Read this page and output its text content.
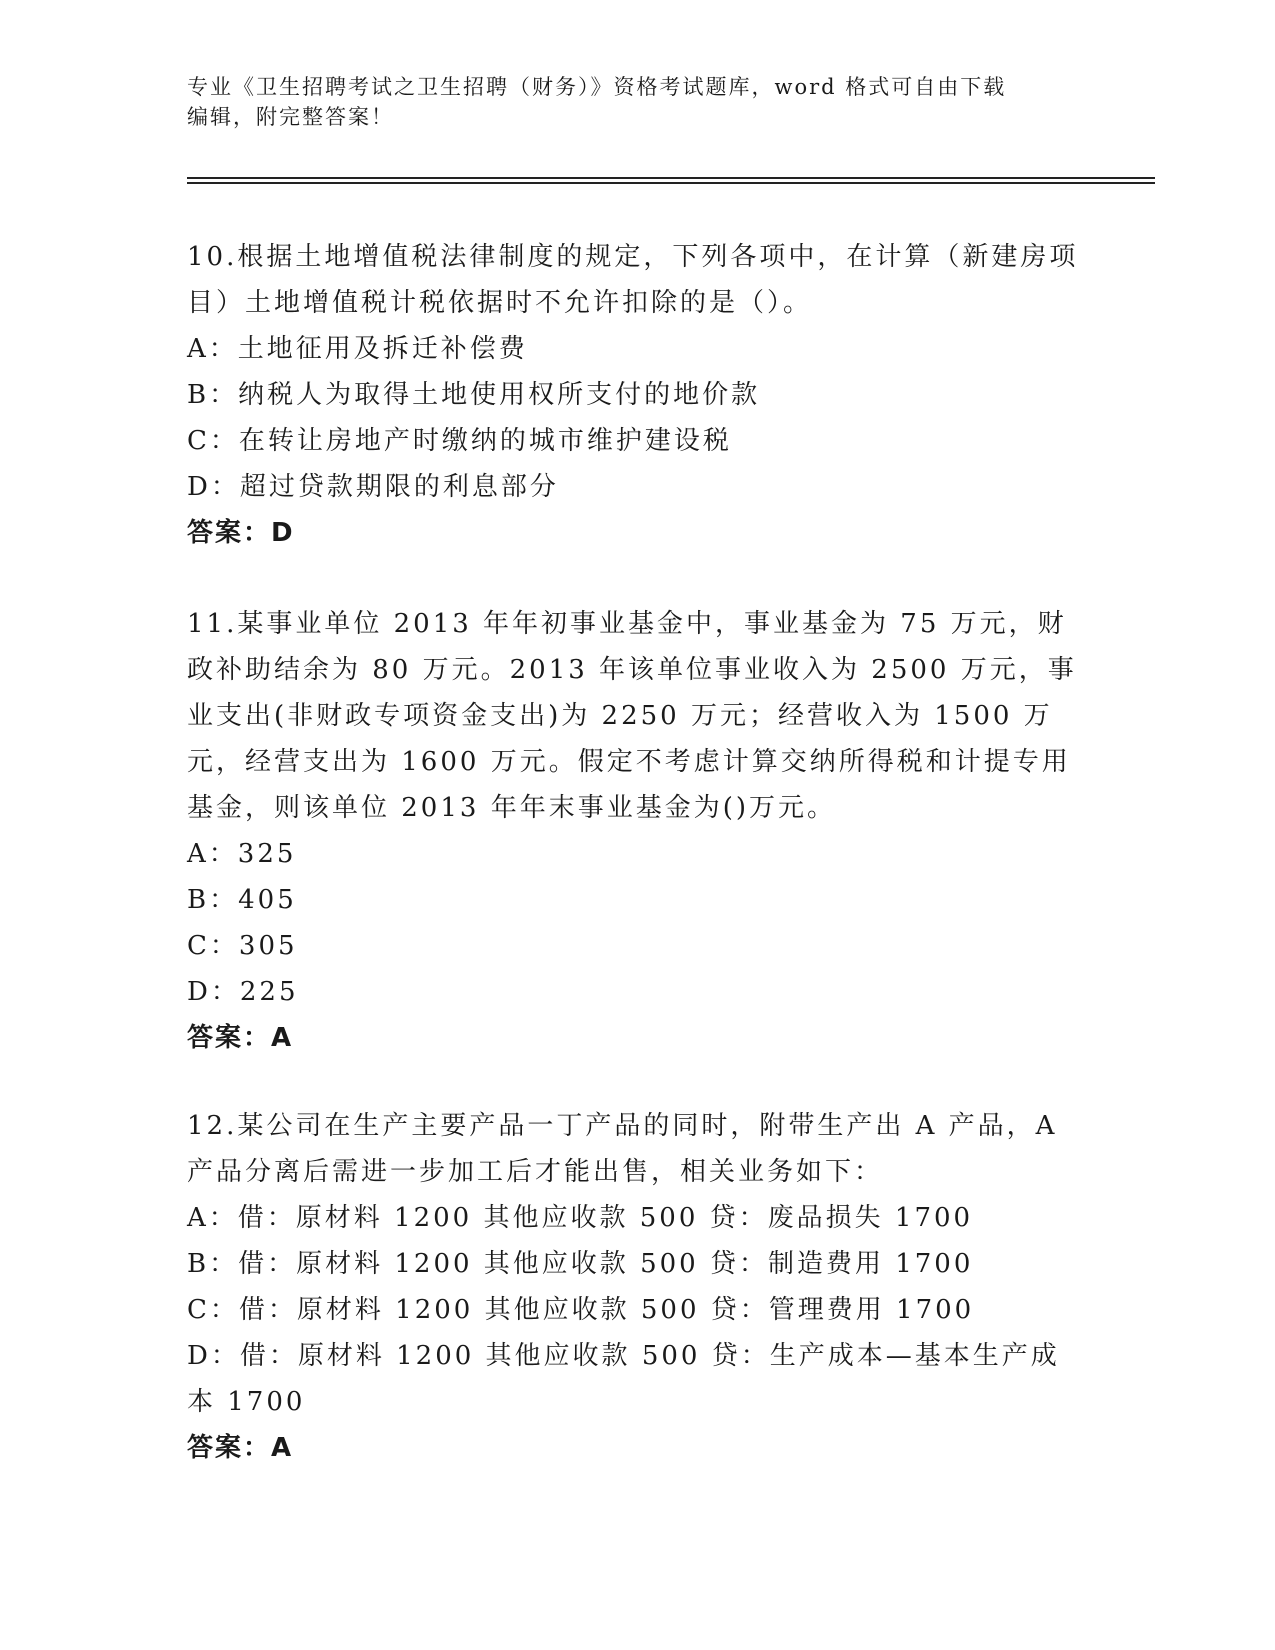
专业《卫生招聘考试之卫生招聘（财务）》资格考试题库，word 格式可自由下载
编辑，附完整答案！

10.根据土地增值税法律制度的规定，下列各项中，在计算（新建房项目）土地增值税计税依据时不允许扣除的是（）。

A：土地征用及拆迁补偿费

B：纳税人为取得土地使用权所支付的地价款

C：在转让房地产时缴纳的城市维护建设税

D：超过贷款期限的利息部分

答案：D

11.某事业单位 2013 年年初事业基金中，事业基金为 75 万元，财政补助结余为 80 万元。2013 年该单位事业收入为 2500 万元，事业支出(非财政专项资金支出)为 2250 万元；经营收入为 1500 万元，经营支出为 1600 万元。假定不考虑计算交纳所得税和计提专用基金，则该单位 2013 年年末事业基金为()万元。

A：325

B：405

C：305

D：225

答案：A

12.某公司在生产主要产品一丁产品的同时，附带生产出 A 产品，A 产品分离后需进一步加工后才能出售，相关业务如下：

A：借：原材料 1200 其他应收款 500 贷：废品损失 1700

B：借：原材料 1200 其他应收款 500 贷：制造费用 1700

C：借：原材料 1200 其他应收款 500 贷：管理费用 1700

D：借：原材料 1200 其他应收款 500 贷：生产成本—基本生产成本 1700

答案：A
